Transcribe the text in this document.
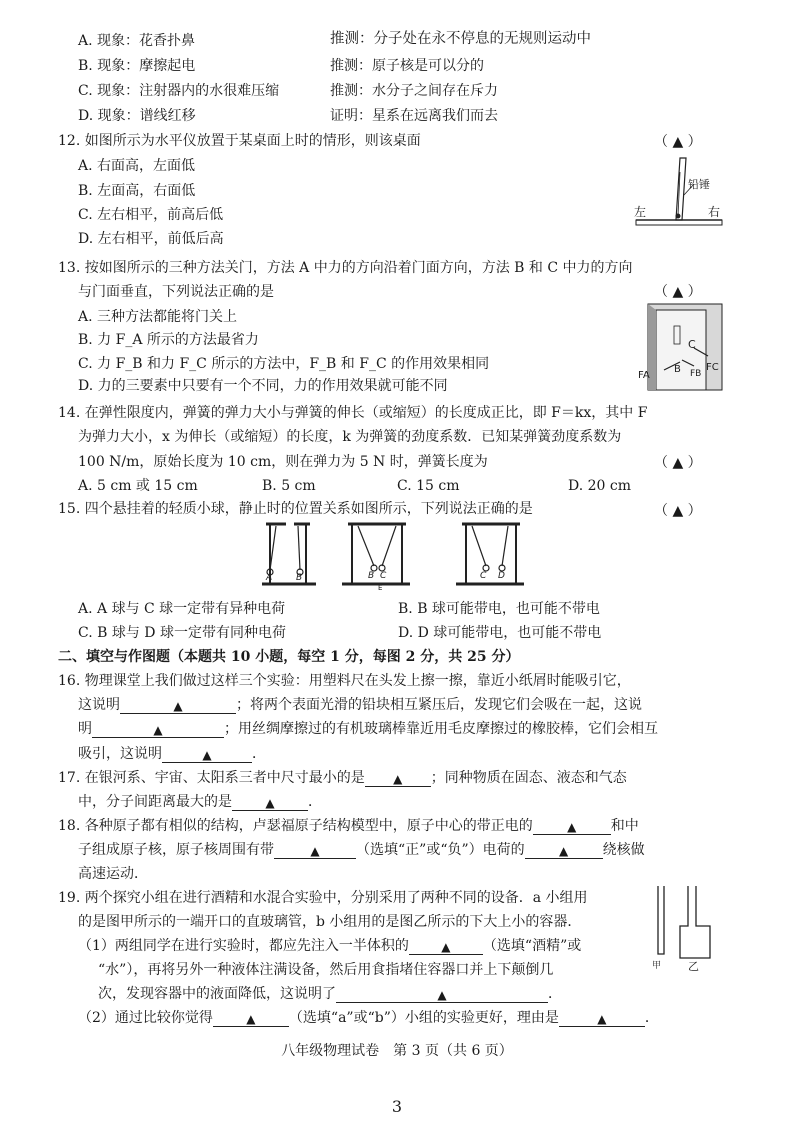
A. 现象：花香扑鼻	推测：分子处在永不停息的无规则运动中
B. 现象：摩擦起电	推测：原子核是可以分的
C. 现象：注射器内的水很难压缩	推测：水分子之间存在斥力
D. 现象：谱线红移	证明：星系在远离我们而去
12. 如图所示为水平仪放置于某桌面上时的情形，则该桌面	（ ▲ ）
A. 右面高，左面低
B. 左面高，右面低
C. 左右相平，前高后低
D. 左右相平，前低后高
铅锤
左	右
13. 按如图所示的三种方法关门，方法 A 中力的方向沿着门面方向，方法 B 和 C 中力的方向
与门面垂直，下列说法正确的是	（ ▲ ）
A. 三种方法都能将门关上
B. 力 F_A 所示的方法最省力
C. 力 F_B 和力 F_C 所示的方法中，F_B 和 F_C 的作用效果相同
D. 力的三要素中只要有一个不同，力的作用效果就可能不同
FA
B FB
C
FC
14. 在弹性限度内，弹簧的弹力大小与弹簧的伸长（或缩短）的长度成正比，即 F＝kx，其中 F
为弹力大小，x 为伸长（或缩短）的长度，k 为弹簧的劲度系数．已知某弹簧劲度系数为
100 N/m，原始长度为 10 cm，则在弹力为 5 N 时，弹簧长度为	（ ▲ ）
A. 5 cm 或 15 cm	B. 5 cm	C. 15 cm	D. 20 cm
15. 四个悬挂着的轻质小球，静止时的位置关系如图所示，下列说法正确的是	（ ▲ ）
A	B	B C	C D
E
A. A 球与 C 球一定带有异种电荷	B. B 球可能带电，也可能不带电
C. B 球与 D 球一定带有同种电荷	D. D 球可能带电，也可能不带电
二、填空与作图题（本题共 10 小题，每空 1 分，每图 2 分，共 25 分）
16. 物理课堂上我们做过这样三个实验：用塑料尺在头发上擦一擦，靠近小纸屑时能吸引它，
这说明	▲	；将两个表面光滑的铅块相互紧压后，发现它们会吸在一起，这说
明	▲	；用丝绸摩擦过的有机玻璃棒靠近用毛皮摩擦过的橡胶棒，它们会相互
吸引，这说明	▲	．
17. 在银河系、宇宙、太阳系三者中尺寸最小的是 ▲ ；同种物质在固态、液态和气态
中，分子间距离最大的是	▲ ．
18. 各种原子都有相似的结构，卢瑟福原子结构模型中，原子中心的带正电的	▲ 和中
子组成原子核，原子核周围有带	▲	（选填“正”或“负”）电荷的	▲ 绕核做
高速运动．
19. 两个探究小组在进行酒精和水混合实验中，分别采用了两种不同的设备．a 小组用
的是图甲所示的一端开口的直玻璃管，b 小组用的是图乙所示的下大上小的容器．
（1）两组同学在进行实验时，都应先注入一半体积的	▲ （选填“酒精”或
“水”），再将另外一种液体注满设备，然后用食指堵住容器口并上下颠倒几
次，发现容器中的液面降低，这说明了	▲	．
（2）通过比较你觉得	▲ （选填“a”或“b”）小组的实验更好，理由是	▲	．
甲 乙
八年级物理试卷　第 3 页（共 6 页）
3
